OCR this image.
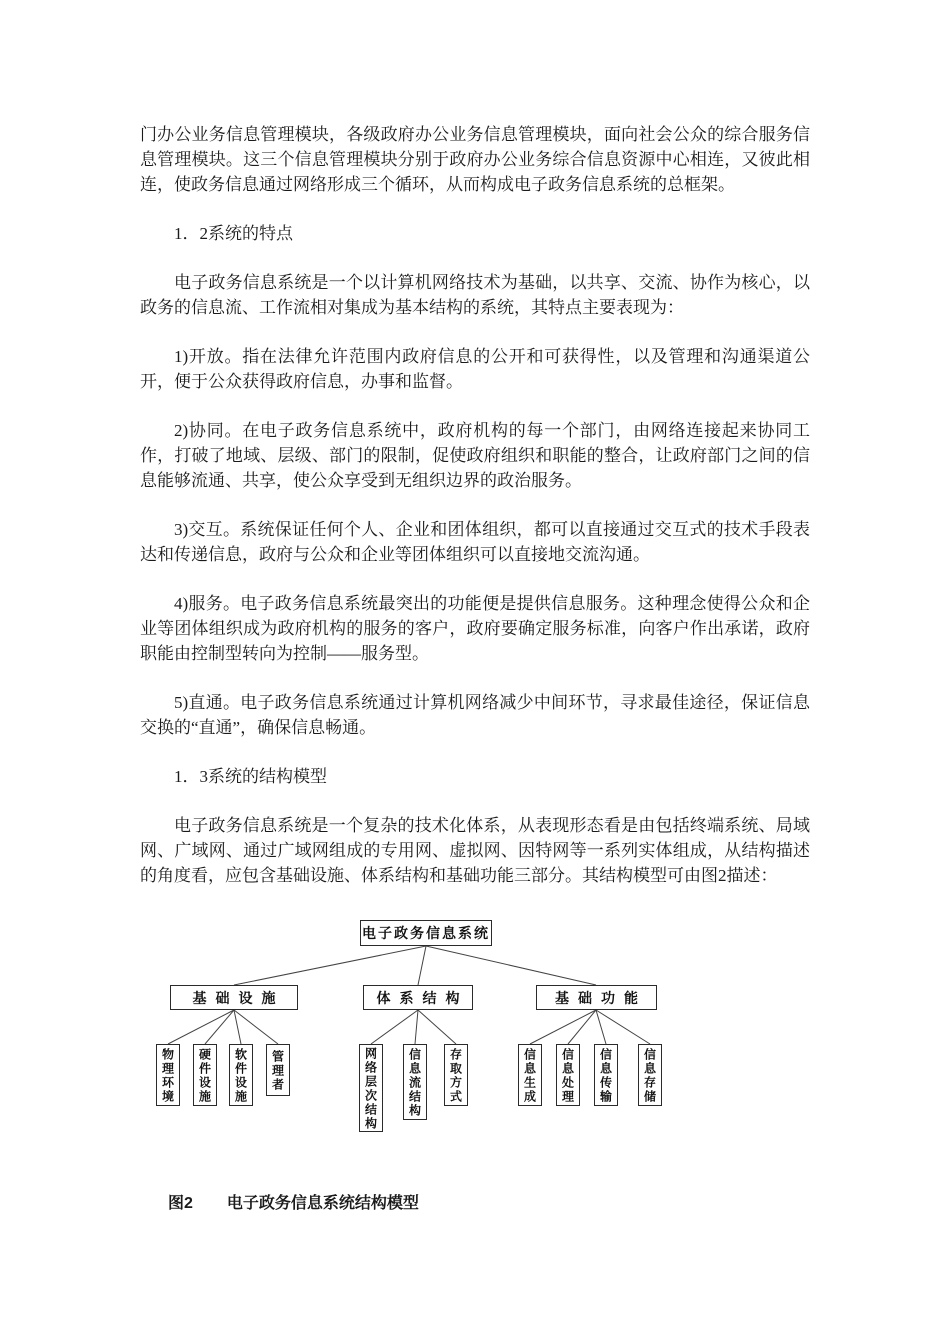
门办公业务信息管理模块，各级政府办公业务信息管理模块，面向社会公众的综合服务信息管理模块。这三个信息管理模块分别于政府办公业务综合信息资源中心相连，又彼此相连，使政务信息通过网络形成三个循环，从而构成电子政务信息系统的总框架。

1．2系统的特点

电子政务信息系统是一个以计算机网络技术为基础，以共享、交流、协作为核心，以政务的信息流、工作流相对集成为基本结构的系统，其特点主要表现为：

1)开放。指在法律允许范围内政府信息的公开和可获得性，以及管理和沟通渠道公开，便于公众获得政府信息，办事和监督。

2)协同。在电子政务信息系统中，政府机构的每一个部门，由网络连接起来协同工作，打破了地域、层级、部门的限制，促使政府组织和职能的整合，让政府部门之间的信息能够流通、共享，使公众享受到无组织边界的政治服务。

3)交互。系统保证任何个人、企业和团体组织，都可以直接通过交互式的技术手段表达和传递信息，政府与公众和企业等团体组织可以直接地交流沟通。

4)服务。电子政务信息系统最突出的功能便是提供信息服务。这种理念使得公众和企业等团体组织成为政府机构的服务的客户，政府要确定服务标准，向客户作出承诺，政府职能由控制型转向为控制——服务型。

5)直通。电子政务信息系统通过计算机网络减少中间环节，寻求最佳途径，保证信息交换的“直通”，确保信息畅通。

1．3系统的结构模型

电子政务信息系统是一个复杂的技术化体系，从表现形态看是由包括终端系统、局域网、广域网、通过广域网组成的专用网、虚拟网、因特网等一系列实体组成，从结构描述的角度看，应包含基础设施、体系结构和基础功能三部分。其结构模型可由图2描述：

电子政务信息系统
基础设施	体系结构	基础功能
物理环境	硬件设施	软件设施	管理者	网络层次结构	信息流结构	存取方式	信息生成	信息处理	信息传输	信息存储

图2 电子政务信息系统结构模型
